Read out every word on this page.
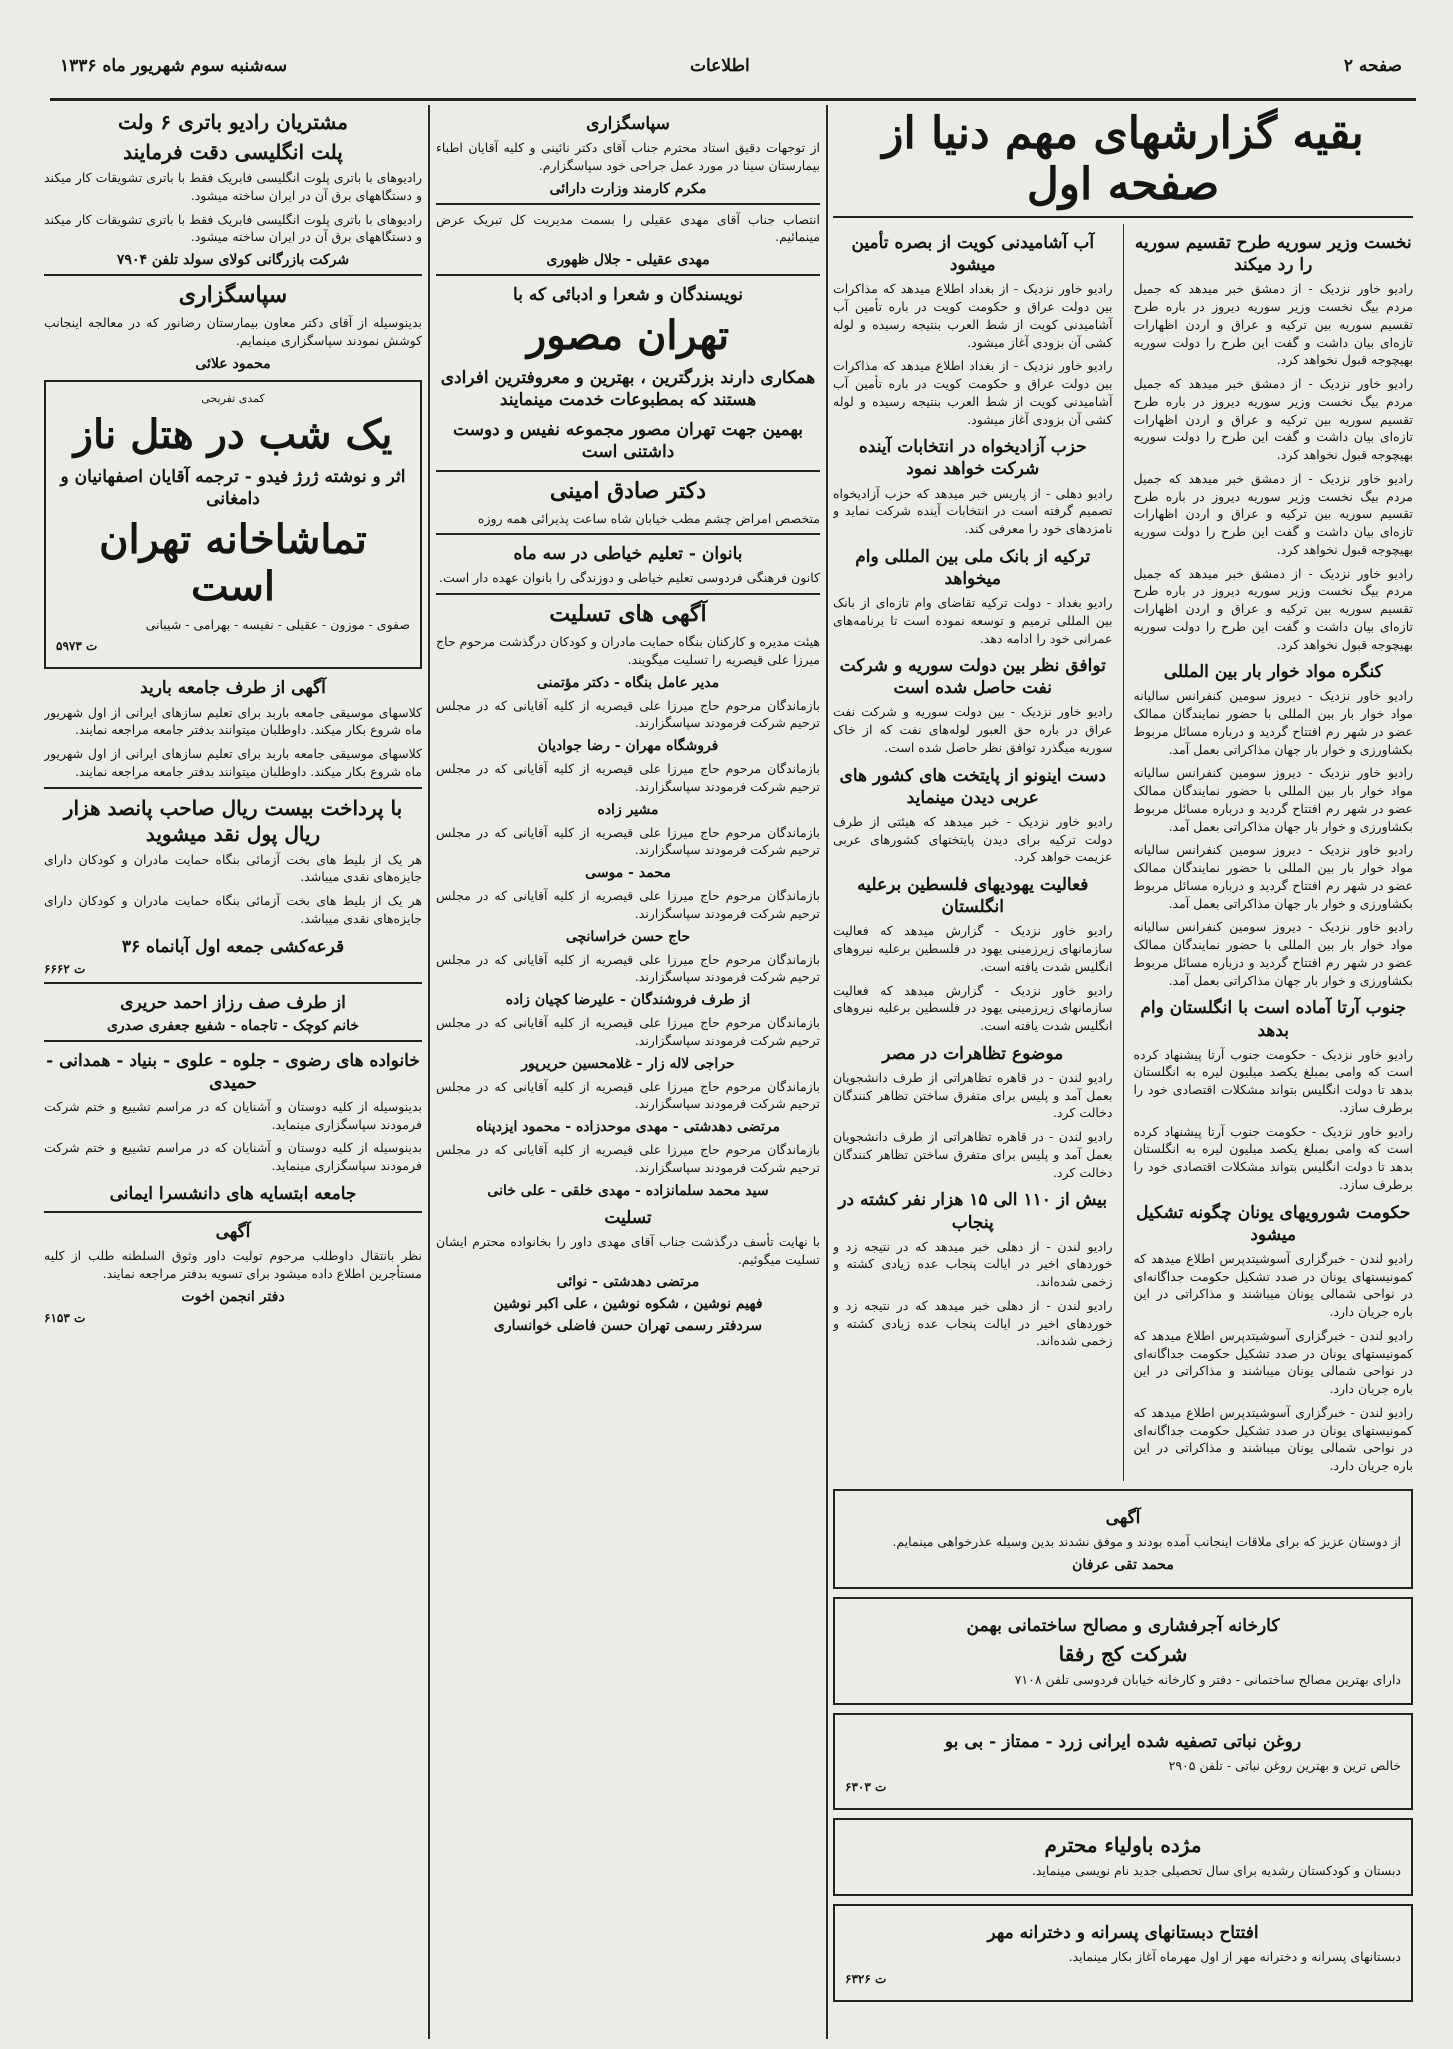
صفحه ۲
اطلاعات
سه‌شنبه سوم شهریور ماه ۱۳۳۶
بقیه گزارشهای مهم دنیا از صفحه اول
نخست وزیر سوریه طرح تقسیم سوریه را رد میکند

رادیو خاور نزدیک - از دمشق خبر میدهد که جمیل مردم بیگ نخست وزیر سوریه دیروز در باره طرح تقسیم سوریه بین ترکیه و عراق و اردن اظهارات تازه‌ای بیان داشت و گفت این طرح را دولت سوریه بهیچوجه قبول نخواهد کرد.

رادیو خاور نزدیک - از دمشق خبر میدهد که جمیل مردم بیگ نخست وزیر سوریه دیروز در باره طرح تقسیم سوریه بین ترکیه و عراق و اردن اظهارات تازه‌ای بیان داشت و گفت این طرح را دولت سوریه بهیچوجه قبول نخواهد کرد.

رادیو خاور نزدیک - از دمشق خبر میدهد که جمیل مردم بیگ نخست وزیر سوریه دیروز در باره طرح تقسیم سوریه بین ترکیه و عراق و اردن اظهارات تازه‌ای بیان داشت و گفت این طرح را دولت سوریه بهیچوجه قبول نخواهد کرد.

رادیو خاور نزدیک - از دمشق خبر میدهد که جمیل مردم بیگ نخست وزیر سوریه دیروز در باره طرح تقسیم سوریه بین ترکیه و عراق و اردن اظهارات تازه‌ای بیان داشت و گفت این طرح را دولت سوریه بهیچوجه قبول نخواهد کرد.

کنگره مواد خوار بار بین المللی

رادیو خاور نزدیک - دیروز سومین کنفرانس سالیانه مواد خوار بار بین المللی با حضور نمایندگان ممالک عضو در شهر رم افتتاح گردید و درباره مسائل مربوط بکشاورزی و خوار بار جهان مذاکراتی بعمل آمد.

رادیو خاور نزدیک - دیروز سومین کنفرانس سالیانه مواد خوار بار بین المللی با حضور نمایندگان ممالک عضو در شهر رم افتتاح گردید و درباره مسائل مربوط بکشاورزی و خوار بار جهان مذاکراتی بعمل آمد.

رادیو خاور نزدیک - دیروز سومین کنفرانس سالیانه مواد خوار بار بین المللی با حضور نمایندگان ممالک عضو در شهر رم افتتاح گردید و درباره مسائل مربوط بکشاورزی و خوار بار جهان مذاکراتی بعمل آمد.

رادیو خاور نزدیک - دیروز سومین کنفرانس سالیانه مواد خوار بار بین المللی با حضور نمایندگان ممالک عضو در شهر رم افتتاح گردید و درباره مسائل مربوط بکشاورزی و خوار بار جهان مذاکراتی بعمل آمد.

جنوب آرتا آماده است با انگلستان وام بدهد

رادیو خاور نزدیک - حکومت جنوب آرتا پیشنهاد کرده است که وامی بمبلغ یکصد میلیون لیره به انگلستان بدهد تا دولت انگلیس بتواند مشکلات اقتصادی خود را برطرف سازد.

رادیو خاور نزدیک - حکومت جنوب آرتا پیشنهاد کرده است که وامی بمبلغ یکصد میلیون لیره به انگلستان بدهد تا دولت انگلیس بتواند مشکلات اقتصادی خود را برطرف سازد.

حکومت شورویهای یونان چگونه تشکیل میشود

رادیو لندن - خبرگزاری آسوشیتدپرس اطلاع میدهد که کمونیستهای یونان در صدد تشکیل حکومت جداگانه‌ای در نواحی شمالی یونان میباشند و مذاکراتی در این باره جریان دارد.

رادیو لندن - خبرگزاری آسوشیتدپرس اطلاع میدهد که کمونیستهای یونان در صدد تشکیل حکومت جداگانه‌ای در نواحی شمالی یونان میباشند و مذاکراتی در این باره جریان دارد.

رادیو لندن - خبرگزاری آسوشیتدپرس اطلاع میدهد که کمونیستهای یونان در صدد تشکیل حکومت جداگانه‌ای در نواحی شمالی یونان میباشند و مذاکراتی در این باره جریان دارد.

آب آشامیدنی کویت از بصره تأمین میشود

رادیو خاور نزدیک - از بغداد اطلاع میدهد که مذاکرات بین دولت عراق و حکومت کویت در باره تأمین آب آشامیدنی کویت از شط العرب بنتیجه رسیده و لوله کشی آن بزودی آغاز میشود.

رادیو خاور نزدیک - از بغداد اطلاع میدهد که مذاکرات بین دولت عراق و حکومت کویت در باره تأمین آب آشامیدنی کویت از شط العرب بنتیجه رسیده و لوله کشی آن بزودی آغاز میشود.

حزب آزادیخواه در انتخابات آینده شرکت خواهد نمود

رادیو دهلی - از پاریس خبر میدهد که حزب آزادیخواه تصمیم گرفته است در انتخابات آینده شرکت نماید و نامزدهای خود را معرفی کند.

ترکیه از بانک ملی بین المللی وام میخواهد

رادیو بغداد - دولت ترکیه تقاضای وام تازه‌ای از بانک بین المللی ترمیم و توسعه نموده است تا برنامه‌های عمرانی خود را ادامه دهد.

توافق نظر بین دولت سوریه و شرکت نفت حاصل شده است

رادیو خاور نزدیک - بین دولت سوریه و شرکت نفت عراق در باره حق العبور لوله‌های نفت که از خاک سوریه میگذرد توافق نظر حاصل شده است.

دست اینونو از پایتخت های کشور های عربی دیدن مینماید

رادیو خاور نزدیک - خبر میدهد که هیئتی از طرف دولت ترکیه برای دیدن پایتختهای کشورهای عربی عزیمت خواهد کرد.

فعالیت یهودیهای فلسطین برعلیه انگلستان

رادیو خاور نزدیک - گزارش میدهد که فعالیت سازمانهای زیرزمینی یهود در فلسطین برعلیه نیروهای انگلیس شدت یافته است.

رادیو خاور نزدیک - گزارش میدهد که فعالیت سازمانهای زیرزمینی یهود در فلسطین برعلیه نیروهای انگلیس شدت یافته است.

موضوع تظاهرات در مصر

رادیو لندن - در قاهره تظاهراتی از طرف دانشجویان بعمل آمد و پلیس برای متفرق ساختن تظاهر کنندگان دخالت کرد.

رادیو لندن - در قاهره تظاهراتی از طرف دانشجویان بعمل آمد و پلیس برای متفرق ساختن تظاهر کنندگان دخالت کرد.

بیش از ۱۱۰ الی ۱۵ هزار نفر کشته در پنجاب

رادیو لندن - از دهلی خبر میدهد که در نتیجه زد و خوردهای اخیر در ایالت پنجاب عده زیادی کشته و زخمی شده‌اند.

رادیو لندن - از دهلی خبر میدهد که در نتیجه زد و خوردهای اخیر در ایالت پنجاب عده زیادی کشته و زخمی شده‌اند.

آگهی

از دوستان عزیز که برای ملاقات اینجانب آمده بودند و موفق نشدند بدین وسیله عذرخواهی مینمایم.

محمد تقی عرفان
کارخانه آجرفشاری و مصالح ساختمانی بهمن
شرکت کج رفقا

دارای بهترین مصالح ساختمانی - دفتر و کارخانه خیابان فردوسی تلفن ۷۱۰۸

روغن نباتی تصفیه شده ایرانی زرد - ممتاز - بی بو

خالص ترین و بهترین روغن نباتی - تلفن ۲۹۰۵

ت ۶۳۰۳
مژده باولیاء محترم

دبستان و کودکستان رشدیه برای سال تحصیلی جدید نام نویسی مینماید.

افتتاح دبستانهای پسرانه و دخترانه مهر

دبستانهای پسرانه و دخترانه مهر از اول مهرماه آغاز بکار مینماید.

ت ۶۳۲۶
سپاسگزاری

از توجهات دقیق استاد محترم جناب آقای دکتر نائینی و کلیه آقایان اطباء بیمارستان سینا در مورد عمل جراحی خود سپاسگزارم.

مکرم کارمند وزارت دارائی

انتصاب جناب آقای مهدی عقیلی را بسمت مدیریت کل تبریک عرض مینمائیم.

مهدی عقیلی - جلال ظهوری
نویسندگان و شعرا و ادبائی که با
تهران مصور
همکاری دارند بزرگترین ، بهترین و معروفترین افرادی هستند که بمطبوعات خدمت مینمایند
بهمین جهت تهران مصور مجموعه نفیس و دوست داشتنی است
دکتر صادق امینی

متخصص امراض چشم مطب خیابان شاه ساعت پذیرائی همه روزه

بانوان - تعلیم خیاطی در سه ماه

کانون فرهنگی فردوسی تعلیم خیاطی و دوزندگی را بانوان عهده دار است.

آگهی های تسلیت

هیئت مدیره و کارکنان بنگاه حمایت مادران و کودکان درگذشت مرحوم حاج میرزا علی قیصریه را تسلیت میگویند.

مدیر عامل بنگاه - دکتر مؤتمنی

بازماندگان مرحوم حاج میرزا علی قیصریه از کلیه آقایانی که در مجلس ترحیم شرکت فرمودند سپاسگزارند.

فروشگاه مهران - رضا جوادیان

بازماندگان مرحوم حاج میرزا علی قیصریه از کلیه آقایانی که در مجلس ترحیم شرکت فرمودند سپاسگزارند.

مشیر زاده

بازماندگان مرحوم حاج میرزا علی قیصریه از کلیه آقایانی که در مجلس ترحیم شرکت فرمودند سپاسگزارند.

محمد - موسی

بازماندگان مرحوم حاج میرزا علی قیصریه از کلیه آقایانی که در مجلس ترحیم شرکت فرمودند سپاسگزارند.

حاج حسن خراسانچی

بازماندگان مرحوم حاج میرزا علی قیصریه از کلیه آقایانی که در مجلس ترحیم شرکت فرمودند سپاسگزارند.

از طرف فروشندگان - علیرضا کچیان زاده

بازماندگان مرحوم حاج میرزا علی قیصریه از کلیه آقایانی که در مجلس ترحیم شرکت فرمودند سپاسگزارند.

حراجی لاله زار - غلامحسین حریرپور

بازماندگان مرحوم حاج میرزا علی قیصریه از کلیه آقایانی که در مجلس ترحیم شرکت فرمودند سپاسگزارند.

مرتضی دهدشتی - مهدی موحدزاده - محمود ایزدپناه

بازماندگان مرحوم حاج میرزا علی قیصریه از کلیه آقایانی که در مجلس ترحیم شرکت فرمودند سپاسگزارند.

سید محمد سلمانزاده - مهدی خلقی - علی خانی
تسلیت

با نهایت تأسف درگذشت جناب آقای مهدی داور را بخانواده محترم ایشان تسلیت میگوئیم.

مرتضی دهدشتی - نوائی
فهیم نوشین ، شکوه نوشین ، علی اکبر نوشین
سردفتر رسمی تهران حسن فاضلی خوانساری
مشتریان رادیو باتری ۶ ولت
پلت انگلیسی دقت فرمایند

رادیوهای با باتری پلوت انگلیسی فابریک فقط با باتری تشویقات کار میکند و دستگاههای برق آن در ایران ساخته میشود.

رادیوهای با باتری پلوت انگلیسی فابریک فقط با باتری تشویقات کار میکند و دستگاههای برق آن در ایران ساخته میشود.

شرکت بازرگانی کولای سولد تلفن ۷۹۰۴
سپاسگزاری

بدینوسیله از آقای دکتر معاون بیمارستان رضانور که در معالجه اینجانب کوشش نمودند سپاسگزاری مینمایم.

محمود علائی
کمدی تفریحی
یک شب در هتل ناز
اثر و نوشته ژرژ فیدو - ترجمه آقایان اصفهانیان و دامغانی
تماشاخانه تهران است

صفوی - موزون - عقیلی - نفیسه - بهرامی - شیبانی

ت ۵۹۷۳
آگهی از طرف جامعه بارید

کلاسهای موسیقی جامعه باربد برای تعلیم سازهای ایرانی از اول شهریور ماه شروع بکار میکند. داوطلبان میتوانند بدفتر جامعه مراجعه نمایند.

کلاسهای موسیقی جامعه باربد برای تعلیم سازهای ایرانی از اول شهریور ماه شروع بکار میکند. داوطلبان میتوانند بدفتر جامعه مراجعه نمایند.

با پرداخت بیست ریال صاحب پانصد هزار ریال پول نقد میشوید

هر یک از بلیط های بخت آزمائی بنگاه حمایت مادران و کودکان دارای جایزه‌های نقدی میباشد.

هر یک از بلیط های بخت آزمائی بنگاه حمایت مادران و کودکان دارای جایزه‌های نقدی میباشد.

قرعه‌کشی جمعه اول آبانماه ۳۶
ت ۶۶۶۲
از طرف صف رزاز احمد حریری
خانم کوچک - تاجماه - شفیع جعفری صدری
خانواده های رضوی - جلوه - علوی - بنیاد - همدانی - حمیدی

بدینوسیله از کلیه دوستان و آشنایان که در مراسم تشییع و ختم شرکت فرمودند سپاسگزاری مینماید.

بدینوسیله از کلیه دوستان و آشنایان که در مراسم تشییع و ختم شرکت فرمودند سپاسگزاری مینماید.

جامعه ابتسایه های دانشسرا ایمانی
آگهی

نظر بانتقال داوطلب مرحوم تولیت داور وثوق السلطنه طلب از کلیه مستأجرین اطلاع داده میشود برای تسویه بدفتر مراجعه نمایند.

دفتر انجمن اخوت
ت ۶۱۵۳
